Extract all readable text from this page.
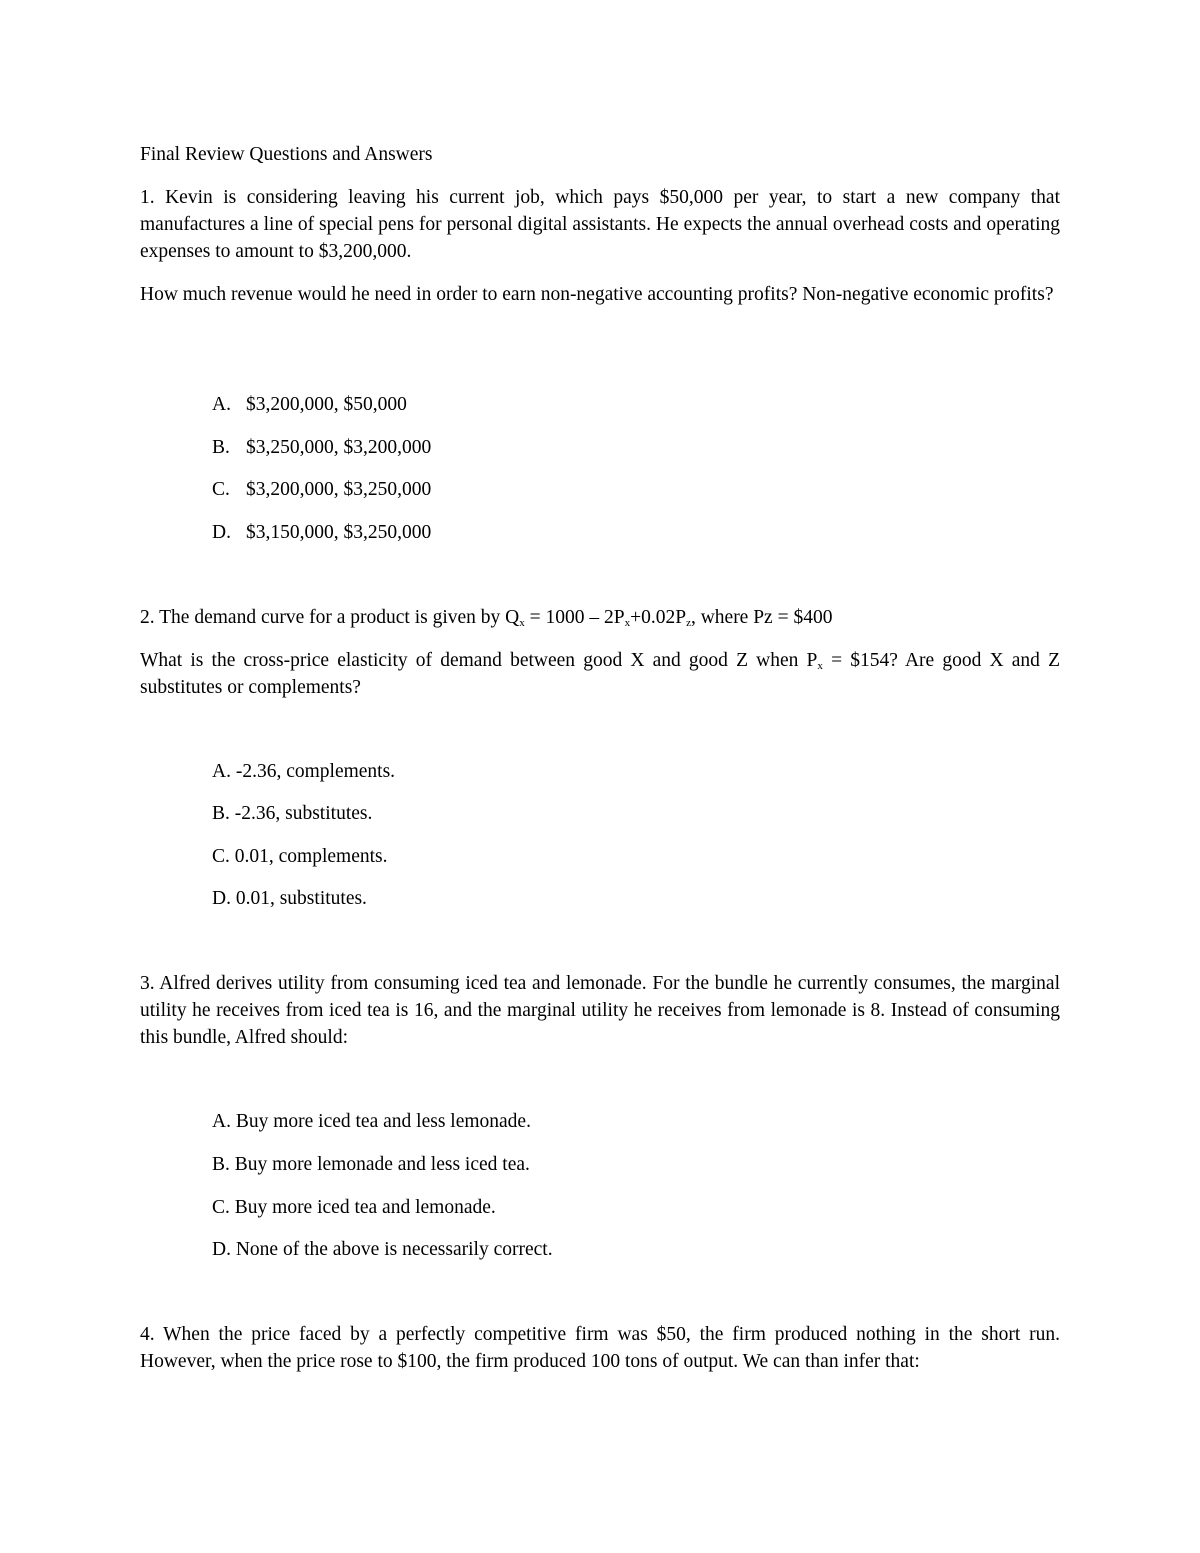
Final Review Questions and Answers

1. Kevin is considering leaving his current job, which pays $50,000 per year, to start a new company that manufactures a line of special pens for personal digital assistants. He expects the annual overhead costs and operating expenses to amount to $3,200,000.

How much revenue would he need in order to earn non-negative accounting profits? Non-negative economic profits?

A. $3,200,000, $50,000
B. $3,250,000, $3,200,000
C. $3,200,000, $3,250,000
D. $3,150,000, $3,250,000

2. The demand curve for a product is given by $Q_x = 1000 - 2P_x+0.02P_z$, where Pz = $400

What is the cross-price elasticity of demand between good X and good Z when $P_x$ = $154? Are good X and Z substitutes or complements?

A. -2.36, complements.
B. -2.36, substitutes.
C. 0.01, complements.
D. 0.01, substitutes.

3. Alfred derives utility from consuming iced tea and lemonade. For the bundle he currently consumes, the marginal utility he receives from iced tea is 16, and the marginal utility he receives from lemonade is 8. Instead of consuming this bundle, Alfred should:

A. Buy more iced tea and less lemonade.
B. Buy more lemonade and less iced tea.
C. Buy more iced tea and lemonade.
D. None of the above is necessarily correct.

4. When the price faced by a perfectly competitive firm was $50, the firm produced nothing in the short run. However, when the price rose to $100, the firm produced 100 tons of output. We can than infer that:
